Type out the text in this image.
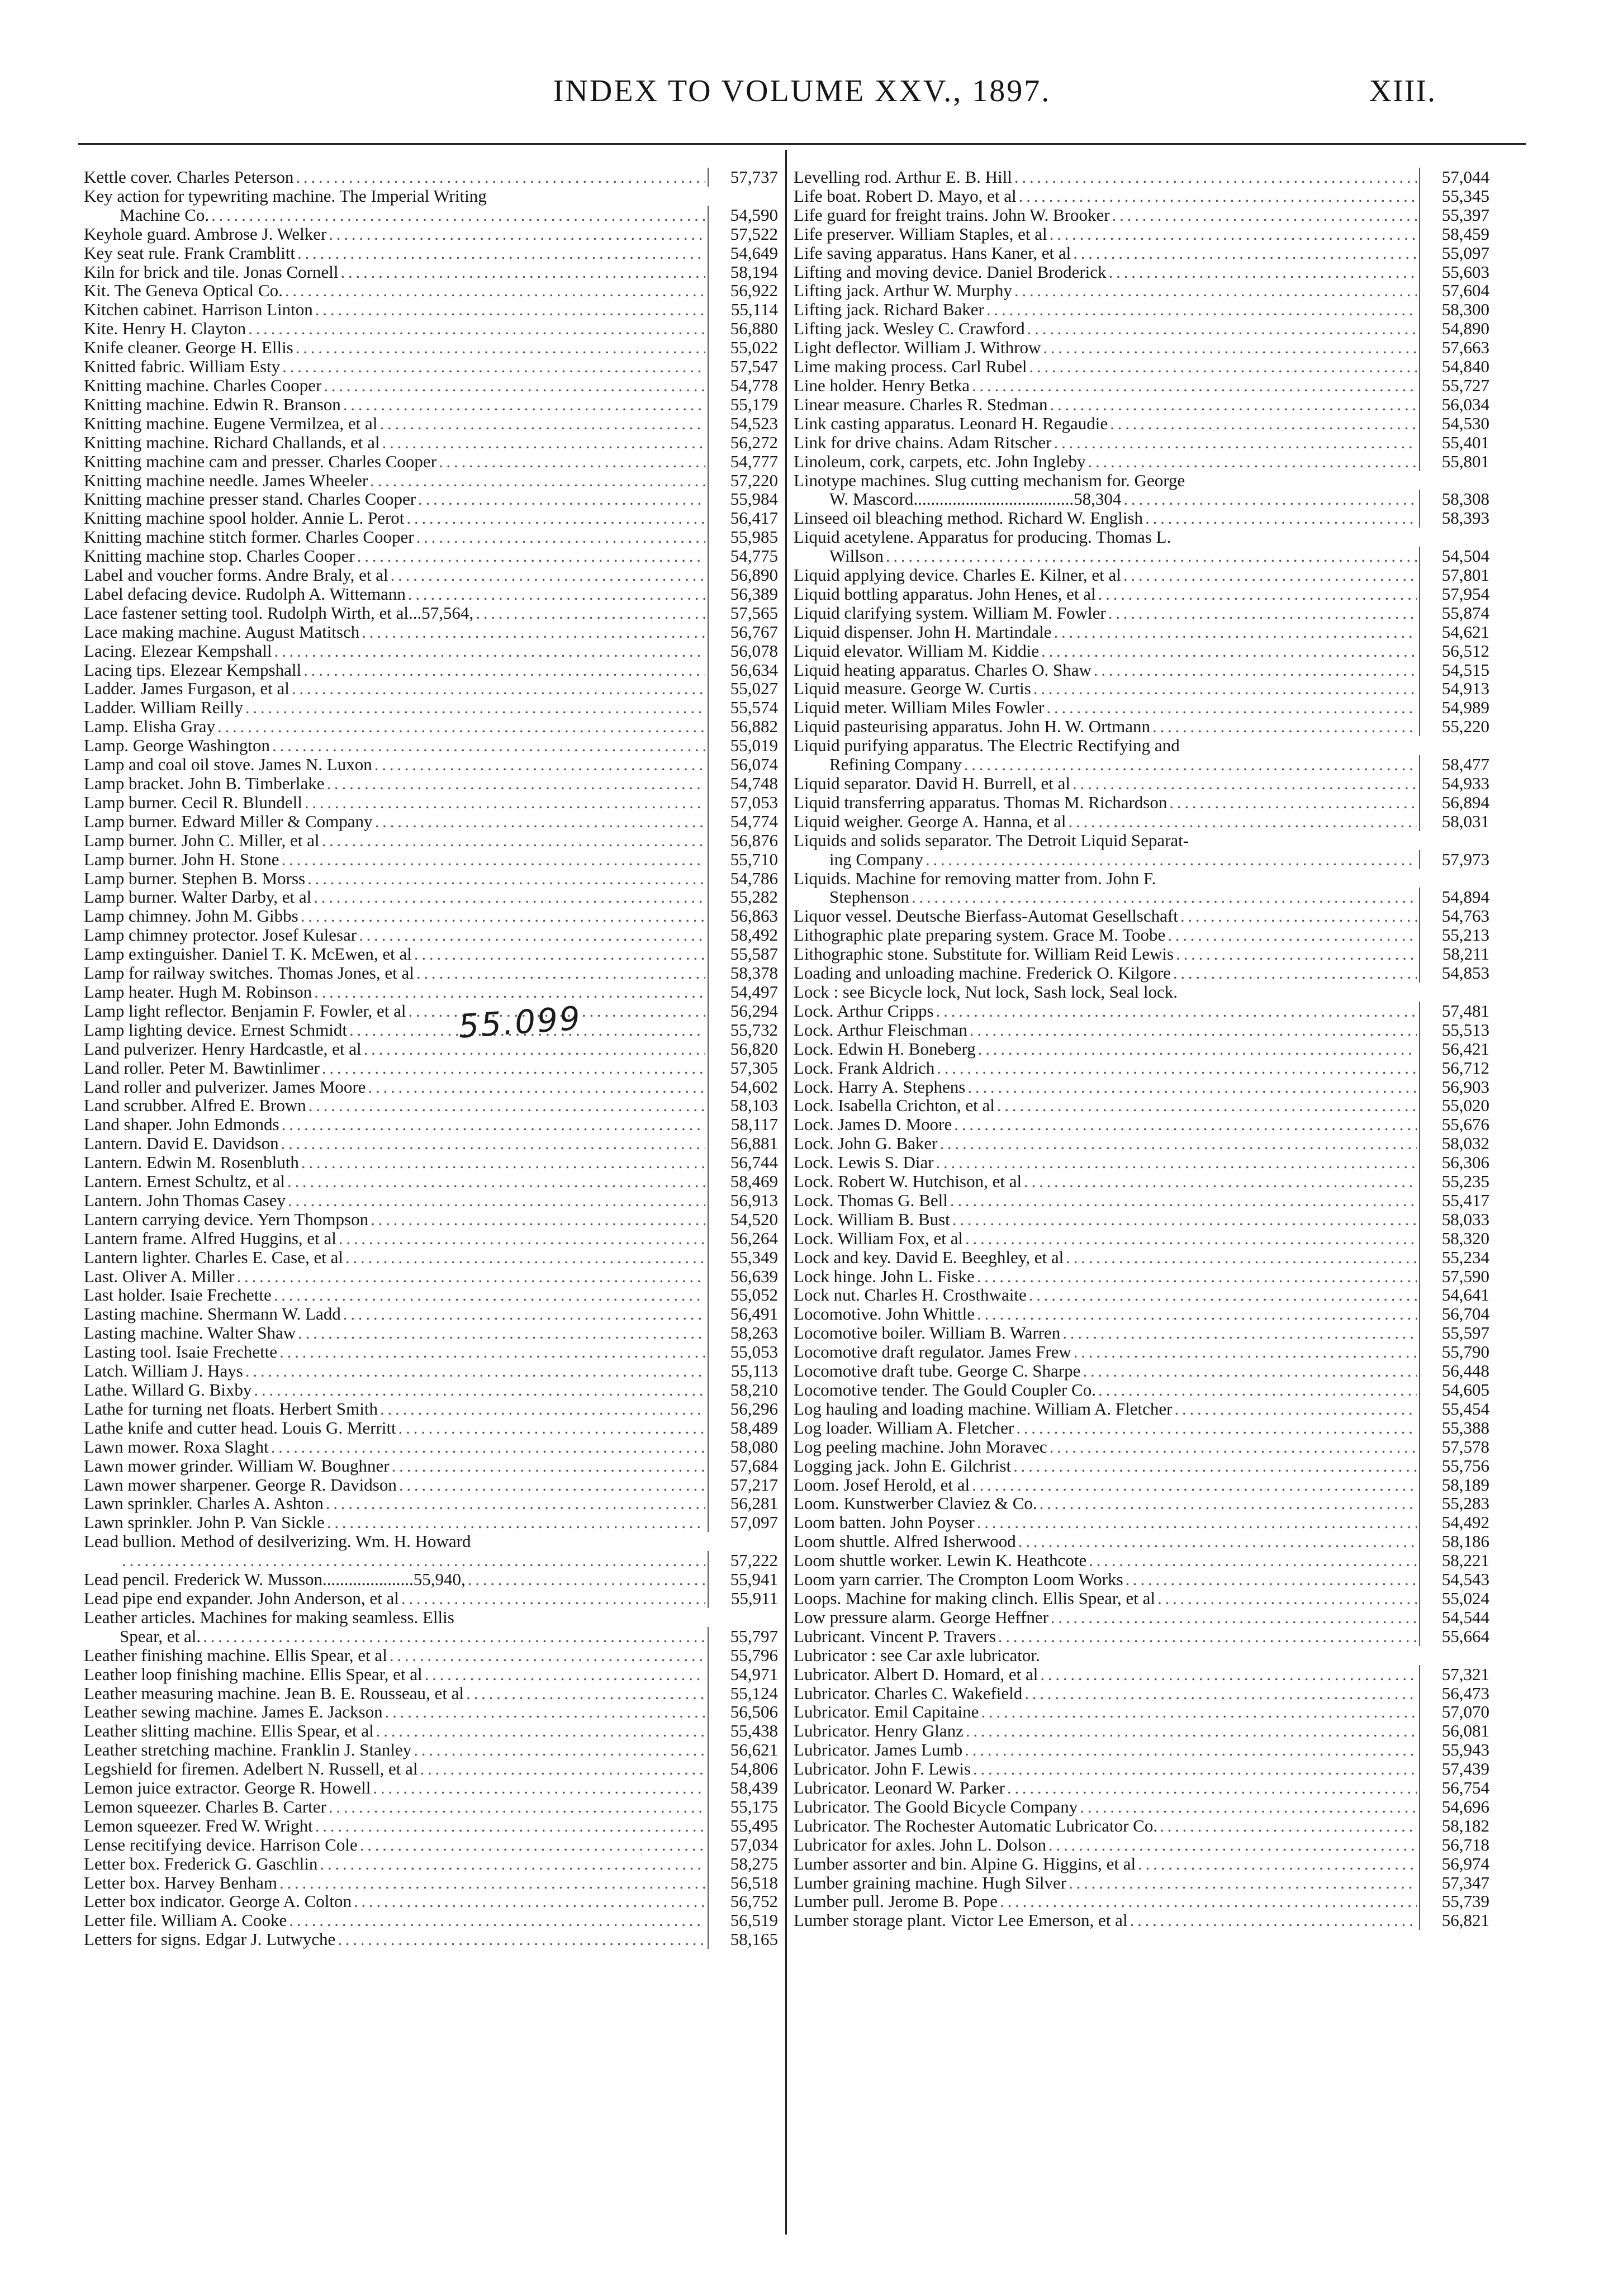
INDEX TO VOLUME XXV., 1897.	XIII.
Kettle cover. Charles Peterson . . .	57,737
Key action for typewriting machine. The Imperial Writing
Machine Co. . . .	54,590
Keyhole guard. Ambrose J. Welker . . .	57,522
Key seat rule. Frank Cramblitt . . .	54,649
Kiln for brick and tile. Jonas Cornell . . .	58,194
Kit. The Geneva Optical Co. . . .	56,922
Kitchen cabinet. Harrison Linton . . .	55,114
Kite. Henry H. Clayton . . .	56,880
Knife cleaner. George H. Ellis . . .	55,022
Knitted fabric. William Esty . . .	57,547
Knitting machine. Charles Cooper . . .	54,778
Knitting machine. Edwin R. Branson . . .	55,179
Knitting machine. Eugene Vermilzea, et al . . .	54,523
Knitting machine. Richard Challands, et al . . .	56,272
Knitting machine cam and presser. Charles Cooper . . .	54,777
Knitting machine needle. James Wheeler . . .	57,220
Knitting machine presser stand. Charles Cooper . . .	55,984
Knitting machine spool holder. Annie L. Perot . . .	56,417
Knitting machine stitch former. Charles Cooper . . .	55,985
Knitting machine stop. Charles Cooper . . .	54,775
Label and voucher forms. Andre Braly, et al . . .	56,890
Label defacing device. Rudolph A. Wittemann . . .	56,389
Lace fastener setting tool. Rudolph Wirth, et al...57,564, . . .	57,565
Lace making machine. August Matitsch . . .	56,767
Lacing. Elezear Kempshall . . .	56,078
Lacing tips. Elezear Kempshall . . .	56,634
Ladder. James Furgason, et al . . .	55,027
Ladder. William Reilly . . .	55,574
Lamp. Elisha Gray . . .	56,882
Lamp. George Washington . . .	55,019
Lamp and coal oil stove. James N. Luxon . . .	56,074
Lamp bracket. John B. Timberlake . . .	54,748
Lamp burner. Cecil R. Blundell . . .	57,053
Lamp burner. Edward Miller & Company . . .	54,774
Lamp burner. John C. Miller, et al . . .	56,876
Lamp burner. John H. Stone . . .	55,710
Lamp burner. Stephen B. Morss . . .	54,786
Lamp burner. Walter Darby, et al . . .	55,282
Lamp chimney. John M. Gibbs . . .	56,863
Lamp chimney protector. Josef Kulesar . . .	58,492
Lamp extinguisher. Daniel T. K. McEwen, et al . . .	55,587
Lamp for railway switches. Thomas Jones, et al . . .	58,378
Lamp heater. Hugh M. Robinson . . .	54,497
Lamp light reflector. Benjamin F. Fowler, et al . . .	56,294
Lamp lighting device. Ernest Schmidt . . .	55,732
Land pulverizer. Henry Hardcastle, et al . . .	56,820
Land roller. Peter M. Bawtinlimer . . .	57,305
Land roller and pulverizer. James Moore . . .	54,602
Land scrubber. Alfred E. Brown . . .	58,103
Land shaper. John Edmonds . . .	58,117
Lantern. David E. Davidson . . .	56,881
Lantern. Edwin M. Rosenbluth . . .	56,744
Lantern. Ernest Schultz, et al . . .	58,469
Lantern. John Thomas Casey . . .	56,913
Lantern carrying device. Yern Thompson . . .	54,520
Lantern frame. Alfred Huggins, et al . . .	56,264
Lantern lighter. Charles E. Case, et al . . .	55,349
Last. Oliver A. Miller . . .	56,639
Last holder. Isaie Frechette . . .	55,052
Lasting machine. Shermann W. Ladd . . .	56,491
Lasting machine. Walter Shaw . . .	58,263
Lasting tool. Isaie Frechette . . .	55,053
Latch. William J. Hays . . .	55,113
Lathe. Willard G. Bixby . . .	58,210
Lathe for turning net floats. Herbert Smith . . .	56,296
Lathe knife and cutter head. Louis G. Merritt . . .	58,489
Lawn mower. Roxa Slaght . . .	58,080
Lawn mower grinder. William W. Boughner . . .	57,684
Lawn mower sharpener. George R. Davidson . . .	57,217
Lawn sprinkler. Charles A. Ashton . . .	56,281
Lawn sprinkler. John P. Van Sickle . . .	57,097
Lead bullion. Method of desilverizing. Wm. H. Howard
. . .
57,222
Lead pencil. Frederick W. Musson.....................55,940, . . .	55,941
Lead pipe end expander. John Anderson, et al . . .	55,911
Leather articles. Machines for making seamless. Ellis
Spear, et al. . . .	55,797
Leather finishing machine. Ellis Spear, et al . . .	55,796
Leather loop finishing machine. Ellis Spear, et al . . .	54,971
Leather measuring machine. Jean B. E. Rousseau, et al . . .	55,124
Leather sewing machine. James E. Jackson . . .	56,506
Leather slitting machine. Ellis Spear, et al . . .	55,438
Leather stretching machine. Franklin J. Stanley . . .	56,621
Legshield for firemen. Adelbert N. Russell, et al . . .	54,806
Lemon juice extractor. George R. Howell . . .	58,439
Lemon squeezer. Charles B. Carter . . .	55,175
Lemon squeezer. Fred W. Wright . . .	55,495
Lense recitifying device. Harrison Cole . . .	57,034
Letter box. Frederick G. Gaschlin . . .	58,275
Letter box. Harvey Benham . . .	56,518
Letter box indicator. George A. Colton . . .	56,752
Letter file. William A. Cooke . . .	56,519
Letters for signs. Edgar J. Lutwyche . . .	58,165
Levelling rod. Arthur E. B. Hill . . .	57,044
Life boat. Robert D. Mayo, et al . . .	55,345
Life guard for freight trains. John W. Brooker . . .	55,397
Life preserver. William Staples, et al . . .	58,459
Life saving apparatus. Hans Kaner, et al . . .	55,097
Lifting and moving device. Daniel Broderick . . .	55,603
Lifting jack. Arthur W. Murphy . . .	57,604
Lifting jack. Richard Baker . . .	58,300
Lifting jack. Wesley C. Crawford . . .	54,890
Light deflector. William J. Withrow . . .	57,663
Lime making process. Carl Rubel . . .	54,840
Line holder. Henry Betka . . .	55,727
Linear measure. Charles R. Stedman . . .	56,034
Link casting apparatus. Leonard H. Regaudie . . .	54,530
Link for drive chains. Adam Ritscher . . .	55,401
Linoleum, cork, carpets, etc. John Ingleby . . .	55,801
Linotype machines. Slug cutting mechanism for. George
W. Mascord.....................................58,304 . . .	58,308
Linseed oil bleaching method. Richard W. English . . .	58,393
Liquid acetylene. Apparatus for producing. Thomas L.
Willson . . .	54,504
Liquid applying device. Charles E. Kilner, et al . . .	57,801
Liquid bottling apparatus. John Henes, et al . . .	57,954
Liquid clarifying system. William M. Fowler . . .	55,874
Liquid dispenser. John H. Martindale . . .	54,621
Liquid elevator. William M. Kiddie . . .	56,512
Liquid heating apparatus. Charles O. Shaw . . .	54,515
Liquid measure. George W. Curtis . . .	54,913
Liquid meter. William Miles Fowler . . .	54,989
Liquid pasteurising apparatus. John H. W. Ortmann . . .	55,220
Liquid purifying apparatus. The Electric Rectifying and
Refining Company . . .	58,477
Liquid separator. David H. Burrell, et al . . .	54,933
Liquid transferring apparatus. Thomas M. Richardson . . .	56,894
Liquid weigher. George A. Hanna, et al . . .	58,031
Liquids and solids separator. The Detroit Liquid Separat-
ing Company . . .	57,973
Liquids. Machine for removing matter from. John F.
Stephenson . . .	54,894
Liquor vessel. Deutsche Bierfass-Automat Gesellschaft . . .	54,763
Lithographic plate preparing system. Grace M. Toobe . . .	55,213
Lithographic stone. Substitute for. William Reid Lewis . . .	58,211
Loading and unloading machine. Frederick O. Kilgore . . .	54,853
Lock : see Bicycle lock, Nut lock, Sash lock, Seal lock.
Lock. Arthur Cripps . . .	57,481
Lock. Arthur Fleischman . . .	55,513
Lock. Edwin H. Boneberg . . .	56,421
Lock. Frank Aldrich . . .	56,712
Lock. Harry A. Stephens . . .	56,903
Lock. Isabella Crichton, et al . . .	55,020
Lock. James D. Moore . . .	55,676
Lock. John G. Baker . . .	58,032
Lock. Lewis S. Diar . . .	56,306
Lock. Robert W. Hutchison, et al . . .	55,235
Lock. Thomas G. Bell . . .	55,417
Lock. William B. Bust . . .	58,033
Lock. William Fox, et al . . .	58,320
Lock and key. David E. Beeghley, et al . . .	55,234
Lock hinge. John L. Fiske . . .	57,590
Lock nut. Charles H. Crosthwaite . . .	54,641
Locomotive. John Whittle . . .	56,704
Locomotive boiler. William B. Warren . . .	55,597
Locomotive draft regulator. James Frew . . .	55,790
Locomotive draft tube. George C. Sharpe . . .	56,448
Locomotive tender. The Gould Coupler Co. . . .	54,605
Log hauling and loading machine. William A. Fletcher . . .	55,454
Log loader. William A. Fletcher . . .	55,388
Log peeling machine. John Moravec . . .	57,578
Logging jack. John E. Gilchrist . . .	55,756
Loom. Josef Herold, et al . . .	58,189
Loom. Kunstwerber Claviez & Co. . . .	55,283
Loom batten. John Poyser . . .	54,492
Loom shuttle. Alfred Isherwood . . .	58,186
Loom shuttle worker. Lewin K. Heathcote . . .	58,221
Loom yarn carrier. The Crompton Loom Works . . .	54,543
Loops. Machine for making clinch. Ellis Spear, et al . . .	55,024
Low pressure alarm. George Heffner . . .	54,544
Lubricant. Vincent P. Travers . . .	55,664
Lubricator : see Car axle lubricator.
Lubricator. Albert D. Homard, et al . . .	57,321
Lubricator. Charles C. Wakefield . . .	56,473
Lubricator. Emil Capitaine . . .	57,070
Lubricator. Henry Glanz . . .	56,081
Lubricator. James Lumb . . .	55,943
Lubricator. John F. Lewis . . .	57,439
Lubricator. Leonard W. Parker . . .	56,754
Lubricator. The Goold Bicycle Company . . .	54,696
Lubricator. The Rochester Automatic Lubricator Co. . . .	58,182
Lubricator for axles. John L. Dolson . . .	56,718
Lumber assorter and bin. Alpine G. Higgins, et al . . .	56,974
Lumber graining machine. Hugh Silver . . .	57,347
Lumber pull. Jerome B. Pope . . .	55,739
Lumber storage plant. Victor Lee Emerson, et al . . .	56,821
55.099
